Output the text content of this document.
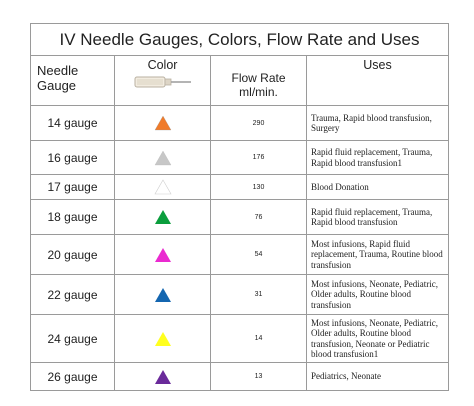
IV Needle Gauges, Colors, Flow Rate and Uses			
Needle Gauge	Color	Flow Rate ml/min.	Uses
14 gauge		290	Trauma, Rapid blood transfusion, Surgery
16 gauge		176	Rapid fluid replacement, Trauma, Rapid blood transfusion1
17 gauge		130	Blood Donation
18 gauge		76	Rapid fluid replacement, Trauma, Rapid blood transfusion
20 gauge		54	Most infusions, Rapid fluid replacement, Trauma, Routine blood transfusion
22 gauge		31	Most infusions, Neonate, Pediatric, Older adults, Routine blood transfusion
24 gauge		14	Most infusions, Neonate, Pediatric, Older adults, Routine blood transfusion, Neonate or Pediatric blood transfusion1
26 gauge		13	Pediatrics, Neonate
